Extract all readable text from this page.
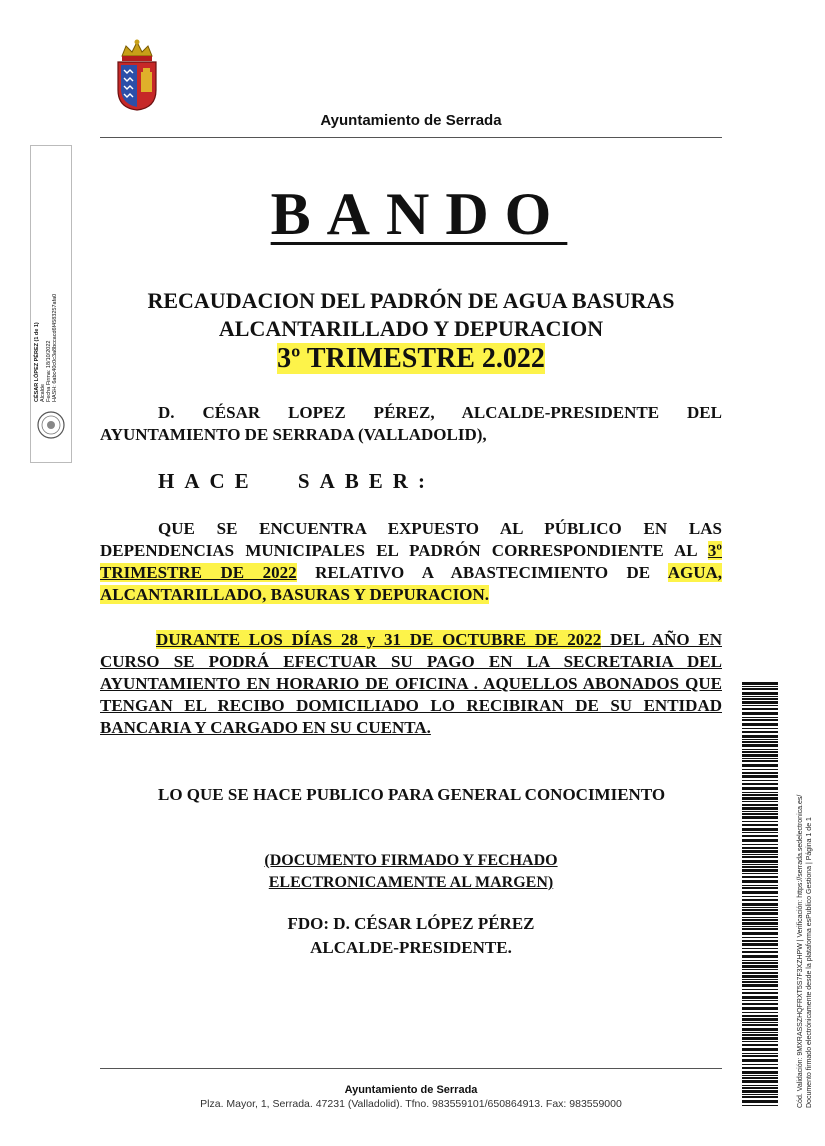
Ayuntamiento de Serrada
CÉSAR LÓPEZ PÉREZ (1 de 1) Alcalde Fecha Firma: 18/10/2022 HASH: 6abc40c0c3a8bccacd6f4583257afa0
BANDO
RECAUDACION DEL PADRÓN DE AGUA BASURAS
ALCANTARILLADO Y DEPURACION
3º TRIMESTRE 2.022
D. CÉSAR LOPEZ PÉREZ, ALCALDE-PRESIDENTE DEL AYUNTAMIENTO DE SERRADA (VALLADOLID),
HACE SABER:
QUE SE ENCUENTRA EXPUESTO AL PÚBLICO EN LAS DEPENDENCIAS MUNICIPALES EL PADRÓN CORRESPONDIENTE AL 3º TRIMESTRE DE 2022 RELATIVO A ABASTECIMIENTO DE AGUA, ALCANTARILLADO, BASURAS Y DEPURACION.
DURANTE LOS DÍAS 28 y 31 DE OCTUBRE DE 2022 DEL AÑO EN CURSO SE PODRÁ EFECTUAR SU PAGO EN LA SECRETARIA DEL AYUNTAMIENTO EN HORARIO DE OFICINA . AQUELLOS ABONADOS QUE TENGAN EL RECIBO DOMICILIADO LO RECIBIRAN DE SU ENTIDAD BANCARIA Y CARGADO EN SU CUENTA.
LO QUE SE HACE PUBLICO PARA GENERAL CONOCIMIENTO
(DOCUMENTO FIRMADO Y FECHADO
ELECTRONICAMENTE AL MARGEN)
FDO: D. CÉSAR LÓPEZ PÉREZ
ALCALDE-PRESIDENTE.	Cód. Validación: 9MXRASSZHQFRXT5S7F3XZHPW | Verificación: https://serrada.sedelectronica.es/ Documento firmado electrónicamente desde la plataforma esPublico Gestiona | Página 1 de 1
Ayuntamiento de Serrada
Plza. Mayor, 1, Serrada. 47231 (Valladolid). Tfno. 983559101/650864913. Fax: 983559000
